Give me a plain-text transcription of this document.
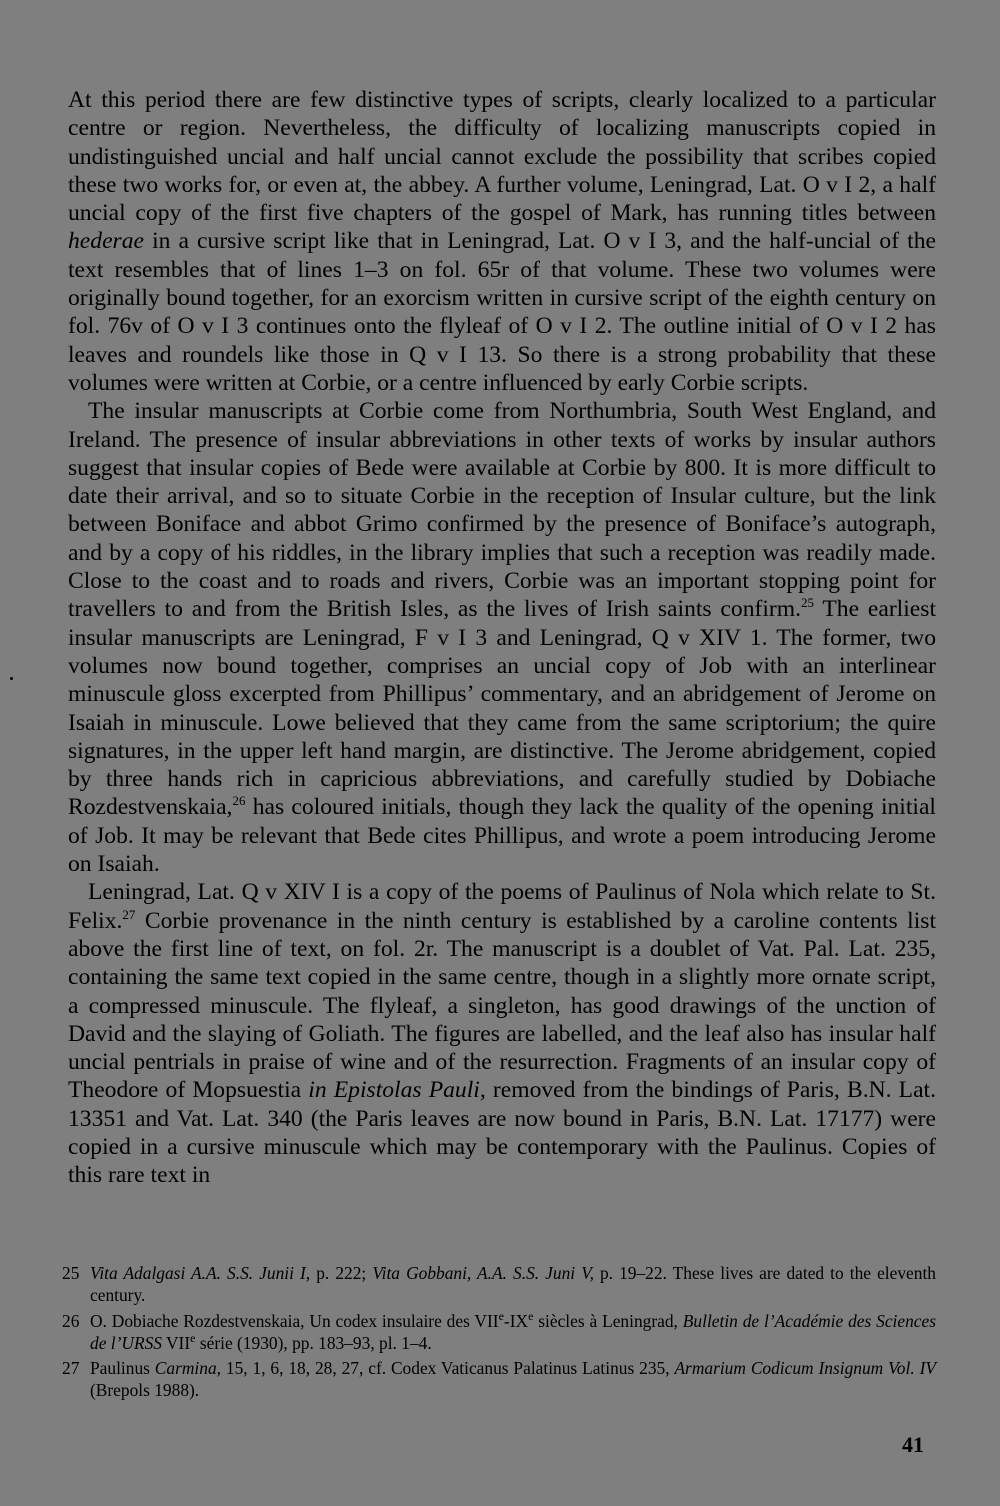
At this period there are few distinctive types of scripts, clearly localized to a particular centre or region. Nevertheless, the difficulty of localizing manuscripts copied in undistinguished uncial and half uncial cannot exclude the possibility that scribes copied these two works for, or even at, the abbey. A further volume, Leningrad, Lat. O v I 2, a half uncial copy of the first five chapters of the gospel of Mark, has running titles between hederae in a cursive script like that in Leningrad, Lat. O v I 3, and the half-uncial of the text resembles that of lines 1–3 on fol. 65r of that volume. These two volumes were originally bound together, for an exorcism written in cursive script of the eighth century on fol. 76v of O v I 3 continues onto the flyleaf of O v I 2. The outline initial of O v I 2 has leaves and roundels like those in Q v I 13. So there is a strong probability that these volumes were written at Corbie, or a centre influenced by early Corbie scripts.

The insular manuscripts at Corbie come from Northumbria, South West England, and Ireland. The presence of insular abbreviations in other texts of works by insular authors suggest that insular copies of Bede were available at Corbie by 800. It is more difficult to date their arrival, and so to situate Corbie in the reception of Insular culture, but the link between Boniface and abbot Grimo confirmed by the presence of Boniface’s autograph, and by a copy of his riddles, in the library implies that such a reception was readily made. Close to the coast and to roads and rivers, Corbie was an important stopping point for travellers to and from the British Isles, as the lives of Irish saints confirm.$^{25}$ The earliest insular manuscripts are Leningrad, F v I 3 and Leningrad, Q v XIV 1. The former, two volumes now bound together, comprises an uncial copy of Job with an interlinear minuscule gloss excerpted from Phillipus’ commentary, and an abridgement of Jerome on Isaiah in minuscule. Lowe believed that they came from the same scriptorium; the quire signatures, in the upper left hand margin, are distinctive. The Jerome abridgement, copied by three hands rich in capricious abbreviations, and carefully studied by Dobiache Rozdestvenskaia,$^{26}$ has coloured initials, though they lack the quality of the opening initial of Job. It may be relevant that Bede cites Phillipus, and wrote a poem introducing Jerome on Isaiah.

Leningrad, Lat. Q v XIV I is a copy of the poems of Paulinus of Nola which relate to St. Felix.$^{27}$ Corbie provenance in the ninth century is established by a caroline contents list above the first line of text, on fol. 2r. The manuscript is a doublet of Vat. Pal. Lat. 235, containing the same text copied in the same centre, though in a slightly more ornate script, a compressed minuscule. The flyleaf, a singleton, has good drawings of the unction of David and the slaying of Goliath. The figures are labelled, and the leaf also has insular half uncial pentrials in praise of wine and of the resurrection. Fragments of an insular copy of Theodore of Mopsuestia in Epistolas Pauli, removed from the bindings of Paris, B.N. Lat. 13351 and Vat. Lat. 340 (the Paris leaves are now bound in Paris, B.N. Lat. 17177) were copied in a cursive minuscule which may be contemporary with the Paulinus. Copies of this rare text in

25 Vita Adalgasi A.A. S.S. Junii I, p. 222; Vita Gobbani, A.A. S.S. Juni V, p. 19–22. These lives are dated to the eleventh century.
26 O. Dobiache Rozdestvenskaia, Un codex insulaire des VIIe-IXe siècles à Leningrad, Bulletin de l’Académie des Sciences de l’URSS VIIe série (1930), pp. 183–93, pl. 1–4.
27 Paulinus Carmina, 15, 1, 6, 18, 28, 27, cf. Codex Vaticanus Palatinus Latinus 235, Armarium Codicum Insignum Vol. IV (Brepols 1988).
41
